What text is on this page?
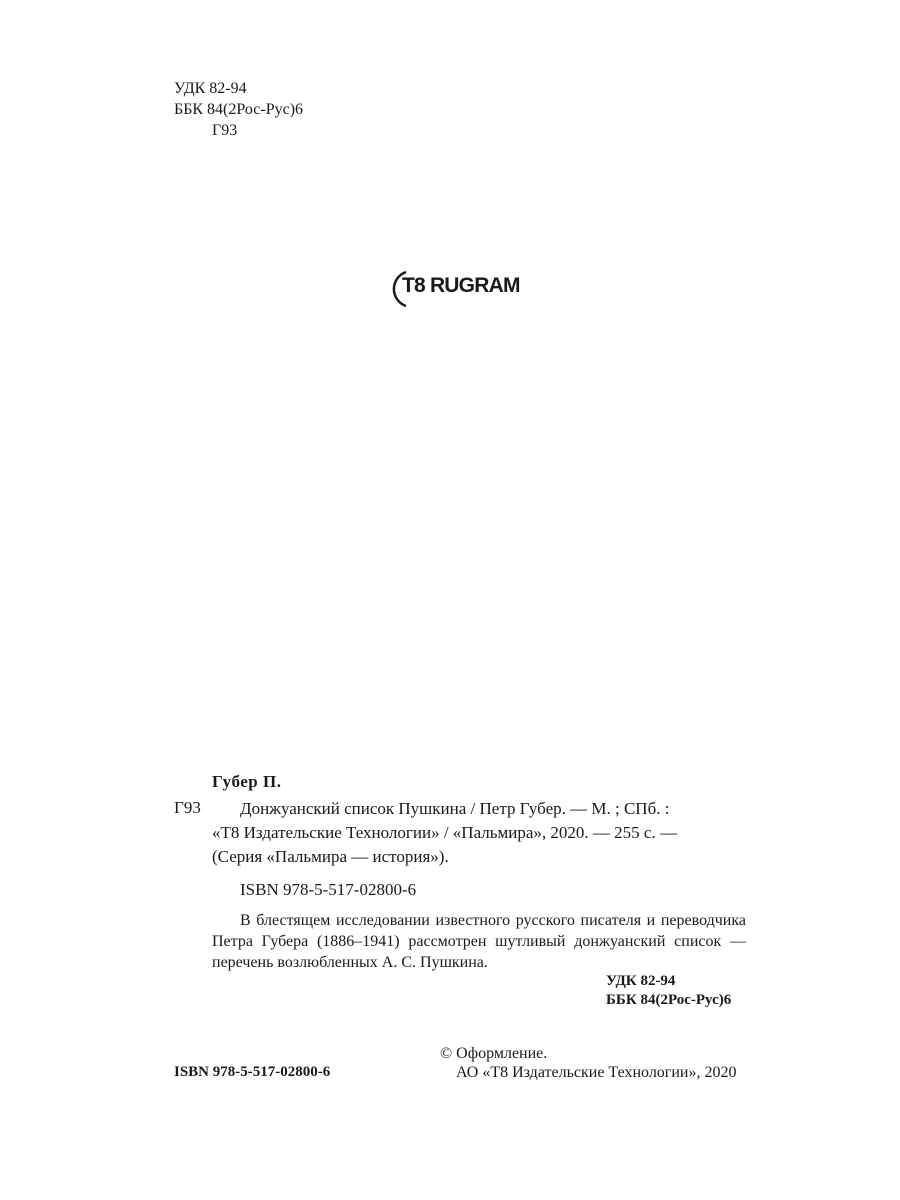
УДК 82-94
ББК 84(2Рос-Рус)6
Г93
T8 RUGRAM
Губер П.
Г93	Донжуанский список Пушкина / Петр Губер. — М. ; СПб. :
«Т8 Издательские Технологии» / «Пальмира», 2020. — 255 с. —
(Серия «Пальмира — история»).
ISBN 978-5-517-02800-6
В блестящем исследовании известного русского писателя и переводчика Петра Губера (1886–1941) рассмотрен шутливый донжуанский список — перечень возлюбленных А. С. Пушкина.
УДК 82-94
ББК 84(2Рос-Рус)6
© Оформление.
ISBN 978-5-517-02800-6	АО «Т8 Издательские Технологии», 2020
